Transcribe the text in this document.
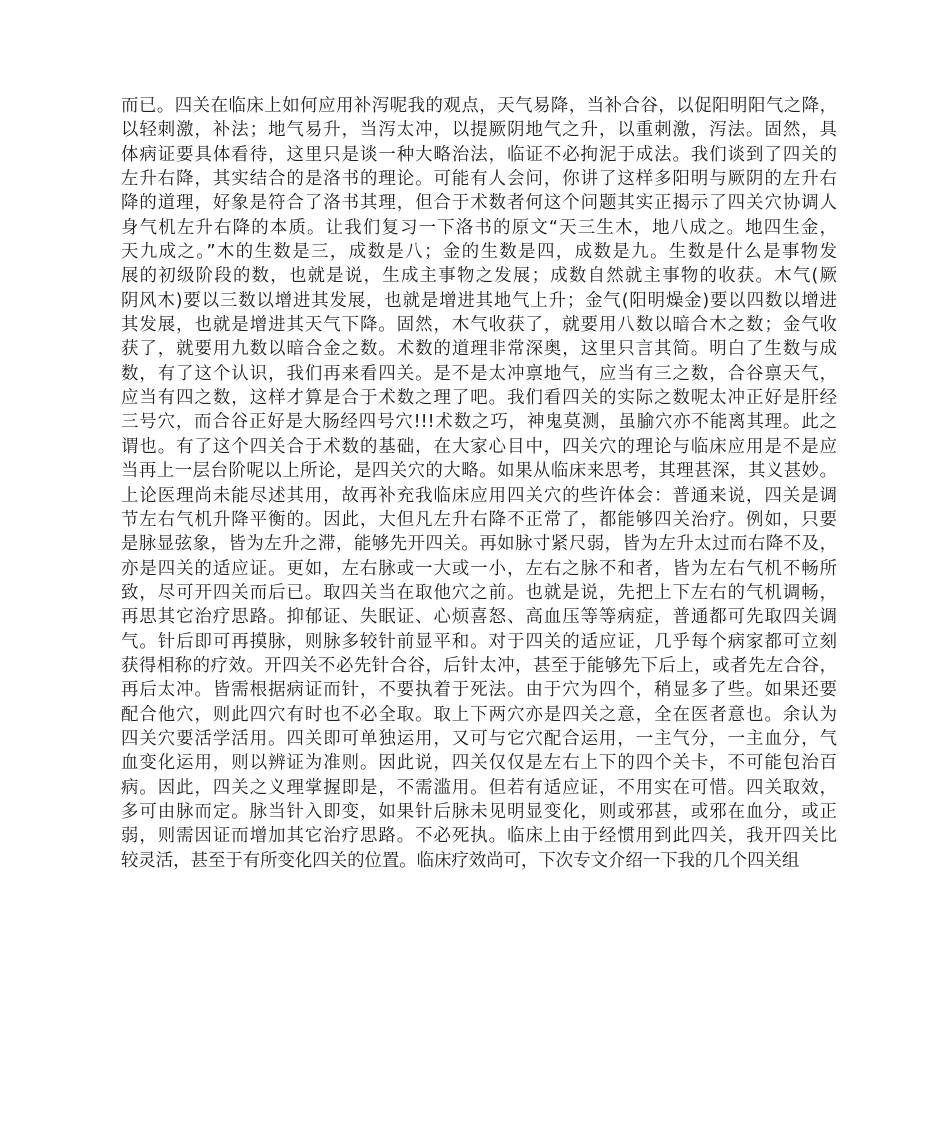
而已。四关在临床上如何应用补泻呢我的观点，天气易降，当补合谷，以促阳明阳气之降，
以轻刺激，补法；地气易升，当泻太冲，以提厥阴地气之升，以重刺激，泻法。固然，具
体病证要具体看待，这里只是谈一种大略治法，临证不必拘泥于成法。我们谈到了四关的
左升右降，其实结合的是洛书的理论。可能有人会问，你讲了这样多阳明与厥阴的左升右
降的道理，好象是符合了洛书其理，但合于术数者何这个问题其实正揭示了四关穴协调人
身气机左升右降的本质。让我们复习一下洛书的原文“天三生木，地八成之。地四生金，
天九成之。”木的生数是三，成数是八；金的生数是四，成数是九。生数是什么是事物发
展的初级阶段的数，也就是说，生成主事物之发展；成数自然就主事物的收获。木气(厥
阴风木)要以三数以增进其发展，也就是增进其地气上升；金气(阳明燥金)要以四数以增进
其发展，也就是增进其天气下降。固然，木气收获了，就要用八数以暗合木之数；金气收
获了，就要用九数以暗合金之数。术数的道理非常深奥，这里只言其简。明白了生数与成
数，有了这个认识，我们再来看四关。是不是太冲禀地气，应当有三之数，合谷禀天气，
应当有四之数，这样才算是合于术数之理了吧。我们看四关的实际之数呢太冲正好是肝经
三号穴，而合谷正好是大肠经四号穴!!!术数之巧，神鬼莫测，虽腧穴亦不能离其理。此之
谓也。有了这个四关合于术数的基础，在大家心目中，四关穴的理论与临床应用是不是应
当再上一层台阶呢以上所论，是四关穴的大略。如果从临床来思考，其理甚深，其义甚妙。
上论医理尚未能尽述其用，故再补充我临床应用四关穴的些许体会：普通来说，四关是调
节左右气机升降平衡的。因此，大但凡左升右降不正常了，都能够四关治疗。例如，只要
是脉显弦象，皆为左升之滞，能够先开四关。再如脉寸紧尺弱，皆为左升太过而右降不及，
亦是四关的适应证。更如，左右脉或一大或一小，左右之脉不和者，皆为左右气机不畅所
致，尽可开四关而后已。取四关当在取他穴之前。也就是说，先把上下左右的气机调畅，
再思其它治疗思路。抑郁证、失眠证、心烦喜怒、高血压等等病症，普通都可先取四关调
气。针后即可再摸脉，则脉多较针前显平和。对于四关的适应证，几乎每个病家都可立刻
获得相称的疗效。开四关不必先针合谷，后针太冲，甚至于能够先下后上，或者先左合谷，
再后太冲。皆需根据病证而针，不要执着于死法。由于穴为四个，稍显多了些。如果还要
配合他穴，则此四穴有时也不必全取。取上下两穴亦是四关之意，全在医者意也。余认为
四关穴要活学活用。四关即可单独运用，又可与它穴配合运用，一主气分，一主血分，气
血变化运用，则以辨证为准则。因此说，四关仅仅是左右上下的四个关卡，不可能包治百
病。因此，四关之义理掌握即是，不需滥用。但若有适应证，不用实在可惜。四关取效，
多可由脉而定。脉当针入即变，如果针后脉未见明显变化，则或邪甚，或邪在血分，或正
弱，则需因证而增加其它治疗思路。不必死执。临床上由于经惯用到此四关，我开四关比
较灵活，甚至于有所变化四关的位置。临床疗效尚可，下次专文介绍一下我的几个四关组
